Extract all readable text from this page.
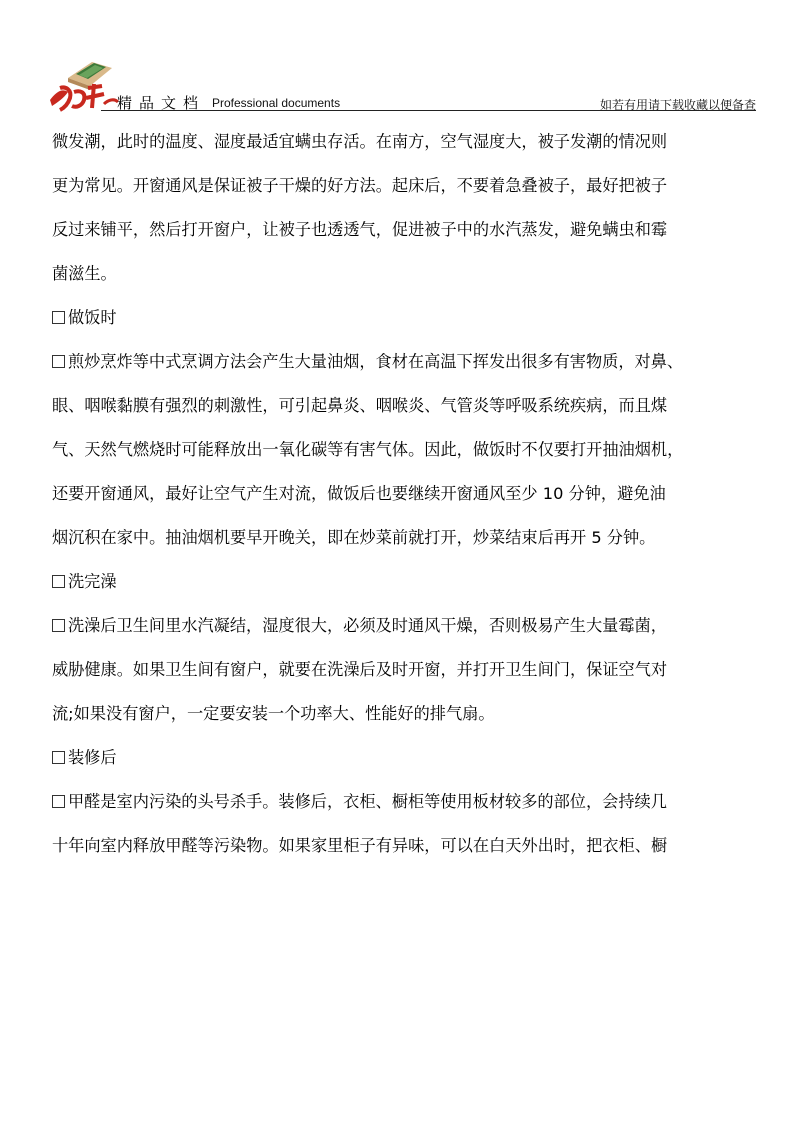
精品文档 Professional documents	如若有用请下载收藏以便备查
微发潮，此时的温度、湿度最适宜螨虫存活。在南方，空气湿度大，被子发潮的情况则
更为常见。开窗通风是保证被子干燥的好方法。起床后，不要着急叠被子，最好把被子
反过来铺平，然后打开窗户，让被子也透透气，促进被子中的水汽蒸发，避免螨虫和霉
菌滋生。
做饭时
煎炒烹炸等中式烹调方法会产生大量油烟，食材在高温下挥发出很多有害物质，对鼻、
眼、咽喉黏膜有强烈的刺激性，可引起鼻炎、咽喉炎、气管炎等呼吸系统疾病，而且煤
气、天然气燃烧时可能释放出一氧化碳等有害气体。因此，做饭时不仅要打开抽油烟机，
还要开窗通风，最好让空气产生对流，做饭后也要继续开窗通风至少 10 分钟，避免油
烟沉积在家中。抽油烟机要早开晚关，即在炒菜前就打开，炒菜结束后再开 5 分钟。
洗完澡
洗澡后卫生间里水汽凝结，湿度很大，必须及时通风干燥，否则极易产生大量霉菌，
威胁健康。如果卫生间有窗户，就要在洗澡后及时开窗，并打开卫生间门，保证空气对
流;如果没有窗户，一定要安装一个功率大、性能好的排气扇。
装修后
甲醛是室内污染的头号杀手。装修后，衣柜、橱柜等使用板材较多的部位，会持续几
十年向室内释放甲醛等污染物。如果家里柜子有异味，可以在白天外出时，把衣柜、橱
